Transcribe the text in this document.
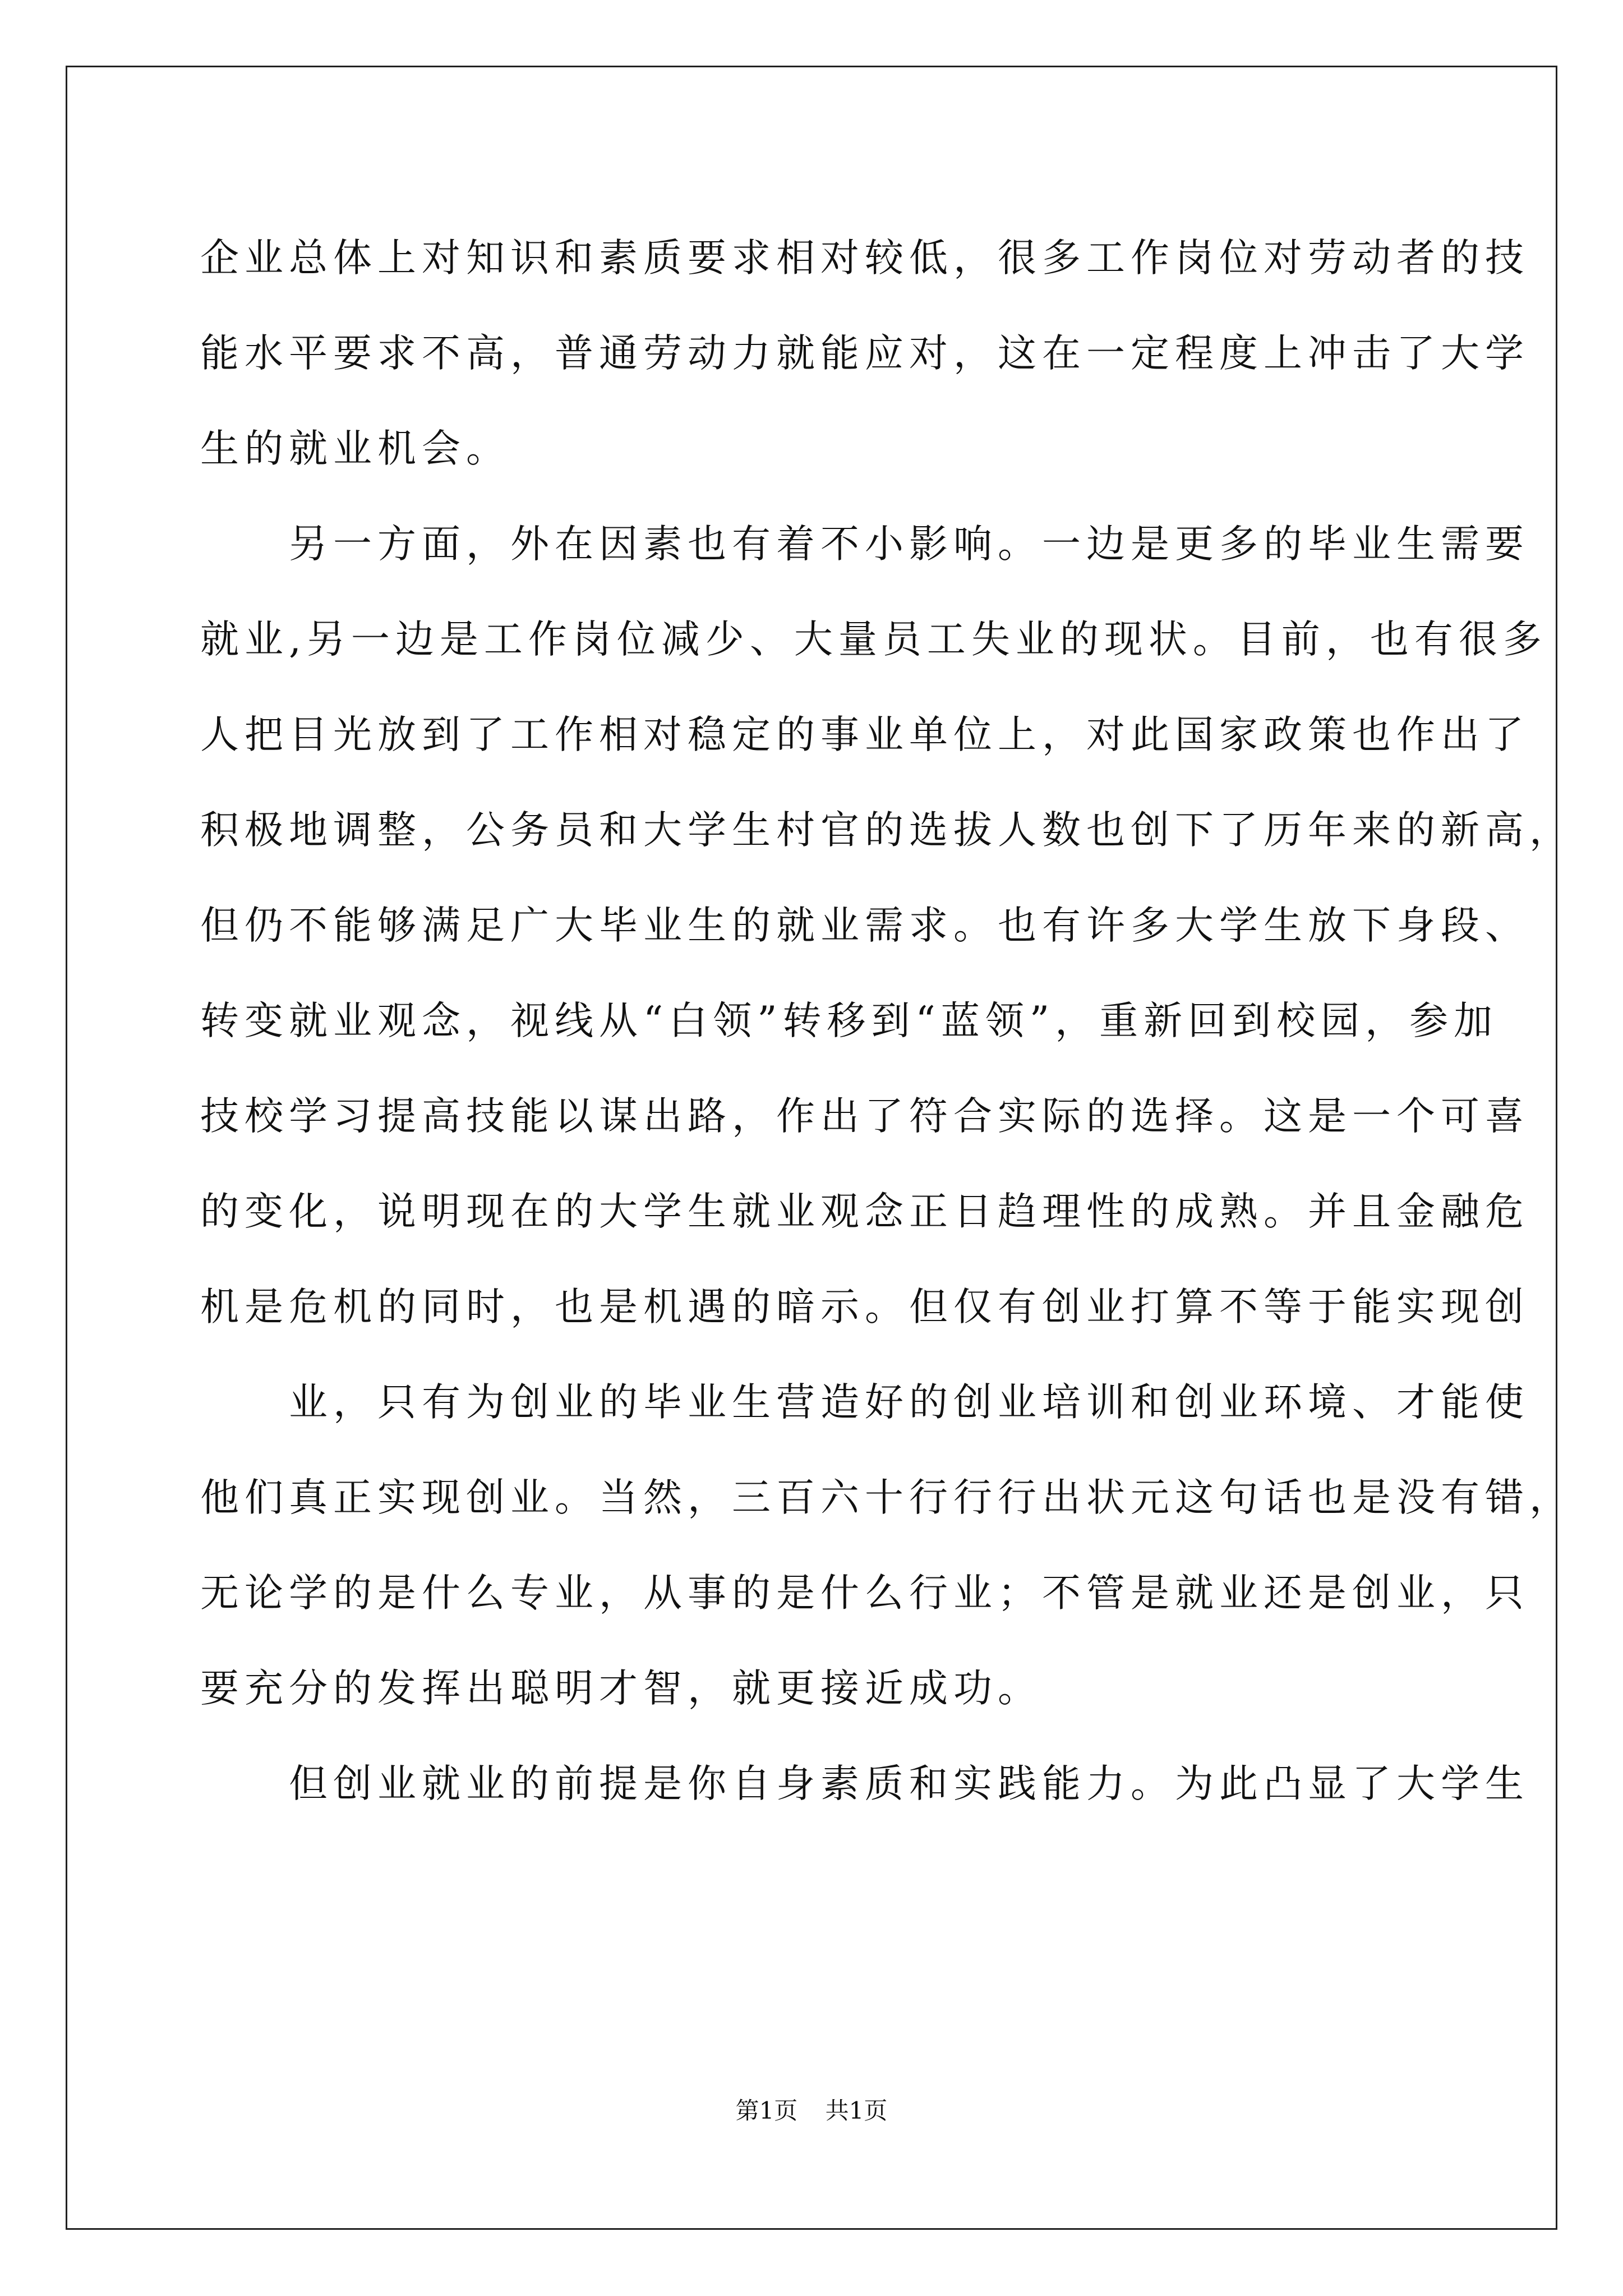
企业总体上对知识和素质要求相对较低，很多工作岗位对劳动者的技
能水平要求不高，普通劳动力就能应对，这在一定程度上冲击了大学
生的就业机会。
　　另一方面，外在因素也有着不小影响。一边是更多的毕业生需要
就业,另一边是工作岗位减少、大量员工失业的现状。目前，也有很多
人把目光放到了工作相对稳定的事业单位上，对此国家政策也作出了
积极地调整，公务员和大学生村官的选拔人数也创下了历年来的新高，
但仍不能够满足广大毕业生的就业需求。也有许多大学生放下身段、
转变就业观念，视线从“白领”转移到“蓝领”，重新回到校园，参加
技校学习提高技能以谋出路，作出了符合实际的选择。这是一个可喜
的变化，说明现在的大学生就业观念正日趋理性的成熟。并且金融危
机是危机的同时，也是机遇的暗示。但仅有创业打算不等于能实现创
　　业，只有为创业的毕业生营造好的创业培训和创业环境、才能使
他们真正实现创业。当然，三百六十行行行出状元这句话也是没有错，
无论学的是什么专业，从事的是什么行业；不管是就业还是创业，只
要充分的发挥出聪明才智，就更接近成功。
　　但创业就业的前提是你自身素质和实践能力。为此凸显了大学生
第1页 共1页
